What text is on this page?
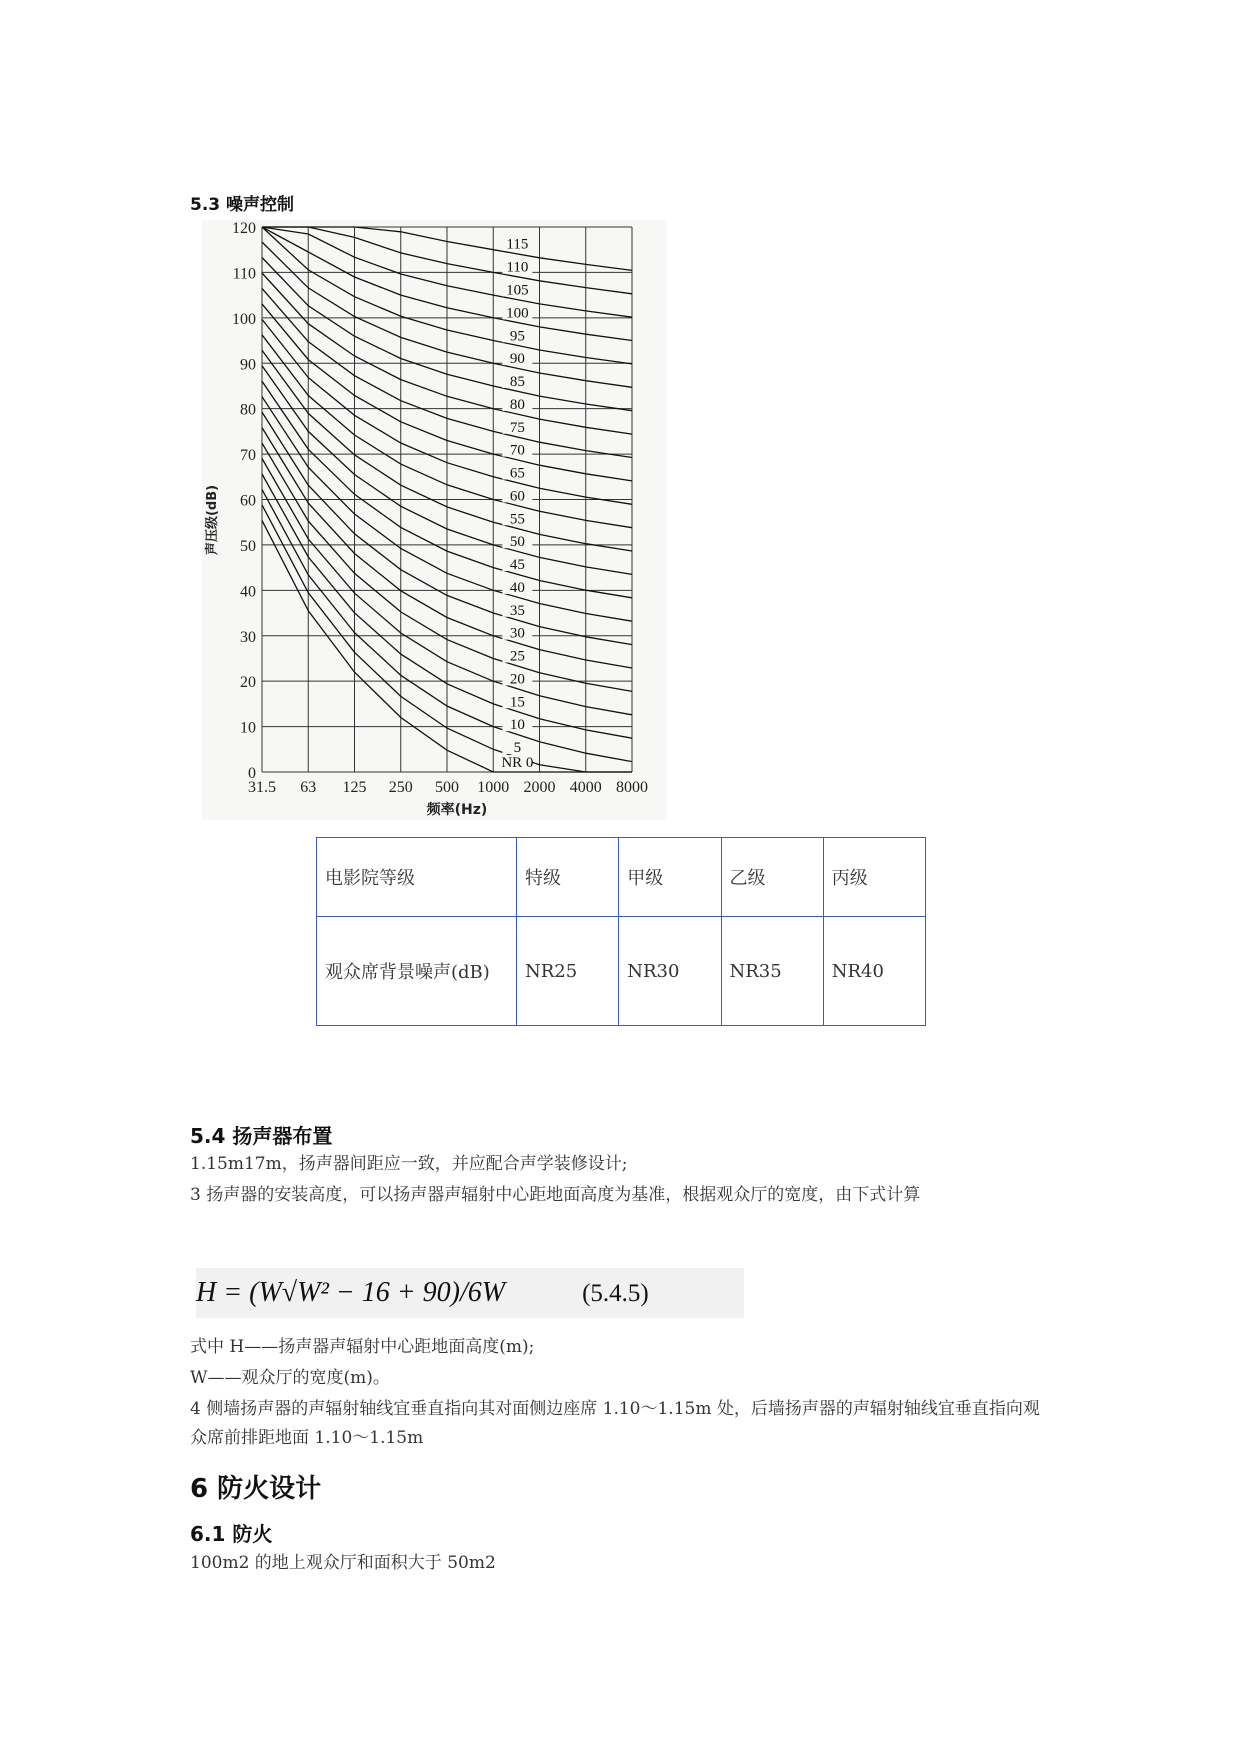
5.3 噪声控制
0
10
20
30
40
50
60
70
80
90
100
110
120
31.5 63 125 250 500 1000 2000 4000 8000
声压级(dB)
频率(Hz)
NR 0
5
10
15
20
25
30
35
40
45
50
55
60
65
70
75
80
85
90
95
100
105
110
115
电影院等级	特级	甲级	乙级	丙级
观众席背景噪声(dB)	NR25	NR30	NR35	NR40
5.4 扬声器布置
1.15m17m，扬声器间距应一致，并应配合声学装修设计;
3 扬声器的安装高度，可以扬声器声辐射中心距地面高度为基准，根据观众厅的宽度，由下式计算
H = (W√W² − 16 + 90)/6W	(5.4.5)
式中 H——扬声器声辐射中心距地面高度(m);
W——观众厅的宽度(m)。
4 侧墙扬声器的声辐射轴线宜垂直指向其对面侧边座席 1.10～1.15m 处，后墙扬声器的声辐射轴线宜垂直指向观众席前排距地面 1.10～1.15m
6 防火设计
6.1 防火
100m2 的地上观众厅和面积大于 50m2
